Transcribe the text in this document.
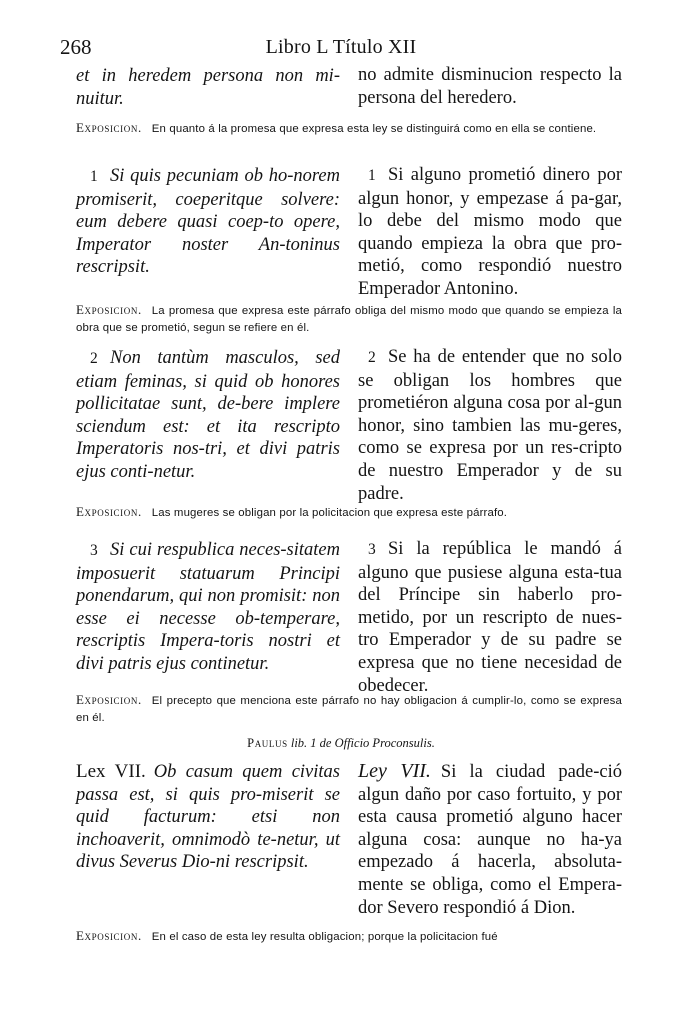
268	Libro L Título XII
et in heredem persona non mi-nuitur.
no admite disminucion respecto la persona del heredero.
Exposicion. En quanto á la promesa que expresa esta ley se distinguirá como en ella se contiene.
1 Si quis pecuniam ob ho-norem promiserit, coeperitque solvere: eum debere quasi coep-to opere, Imperator noster An-toninus rescripsit.
1 Si alguno prometió dinero por algun honor, y empezase á pa-gar, lo debe del mismo modo que quando empieza la obra que pro-metió, como respondió nuestro Emperador Antonino.
Exposicion. La promesa que expresa este párrafo obliga del mismo modo que quando se empieza la obra que se prometió, segun se refiere en él.
2 Non tantùm masculos, sed etiam feminas, si quid ob honores pollicitatae sunt, de-bere implere sciendum est: et ita rescripto Imperatoris nos-tri, et divi patris ejus conti-netur.
2 Se ha de entender que no solo se obligan los hombres que prometiéron alguna cosa por al-gun honor, sino tambien las mu-geres, como se expresa por un res-cripto de nuestro Emperador y de su padre.
Exposicion. Las mugeres se obligan por la policitacion que expresa este párrafo.
3 Si cui respublica neces-sitatem imposuerit statuarum Principi ponendarum, qui non promisit: non esse ei necesse ob-temperare, rescriptis Impera-toris nostri et divi patris ejus continetur.
3 Si la república le mandó á alguno que pusiese alguna esta-tua del Príncipe sin haberlo pro-metido, por un rescripto de nues-tro Emperador y de su padre se expresa que no tiene necesidad de obedecer.
Exposicion. El precepto que menciona este párrafo no hay obligacion á cumplir-lo, como se expresa en él.
Paulus lib. 1 de Officio Proconsulis.
Lex VII. Ob casum quem civitas passa est, si quis pro-miserit se quid facturum: etsi non inchoaverit, omnimodò te-netur, ut divus Severus Dio-ni rescripsit.
Ley VII. Si la ciudad pade-ció algun daño por caso fortuito, y por esta causa prometió alguno hacer alguna cosa: aunque no ha-ya empezado á hacerla, absoluta-mente se obliga, como el Empera-dor Severo respondió á Dion.
Exposicion. En el caso de esta ley resulta obligacion; porque la policitacion fué
